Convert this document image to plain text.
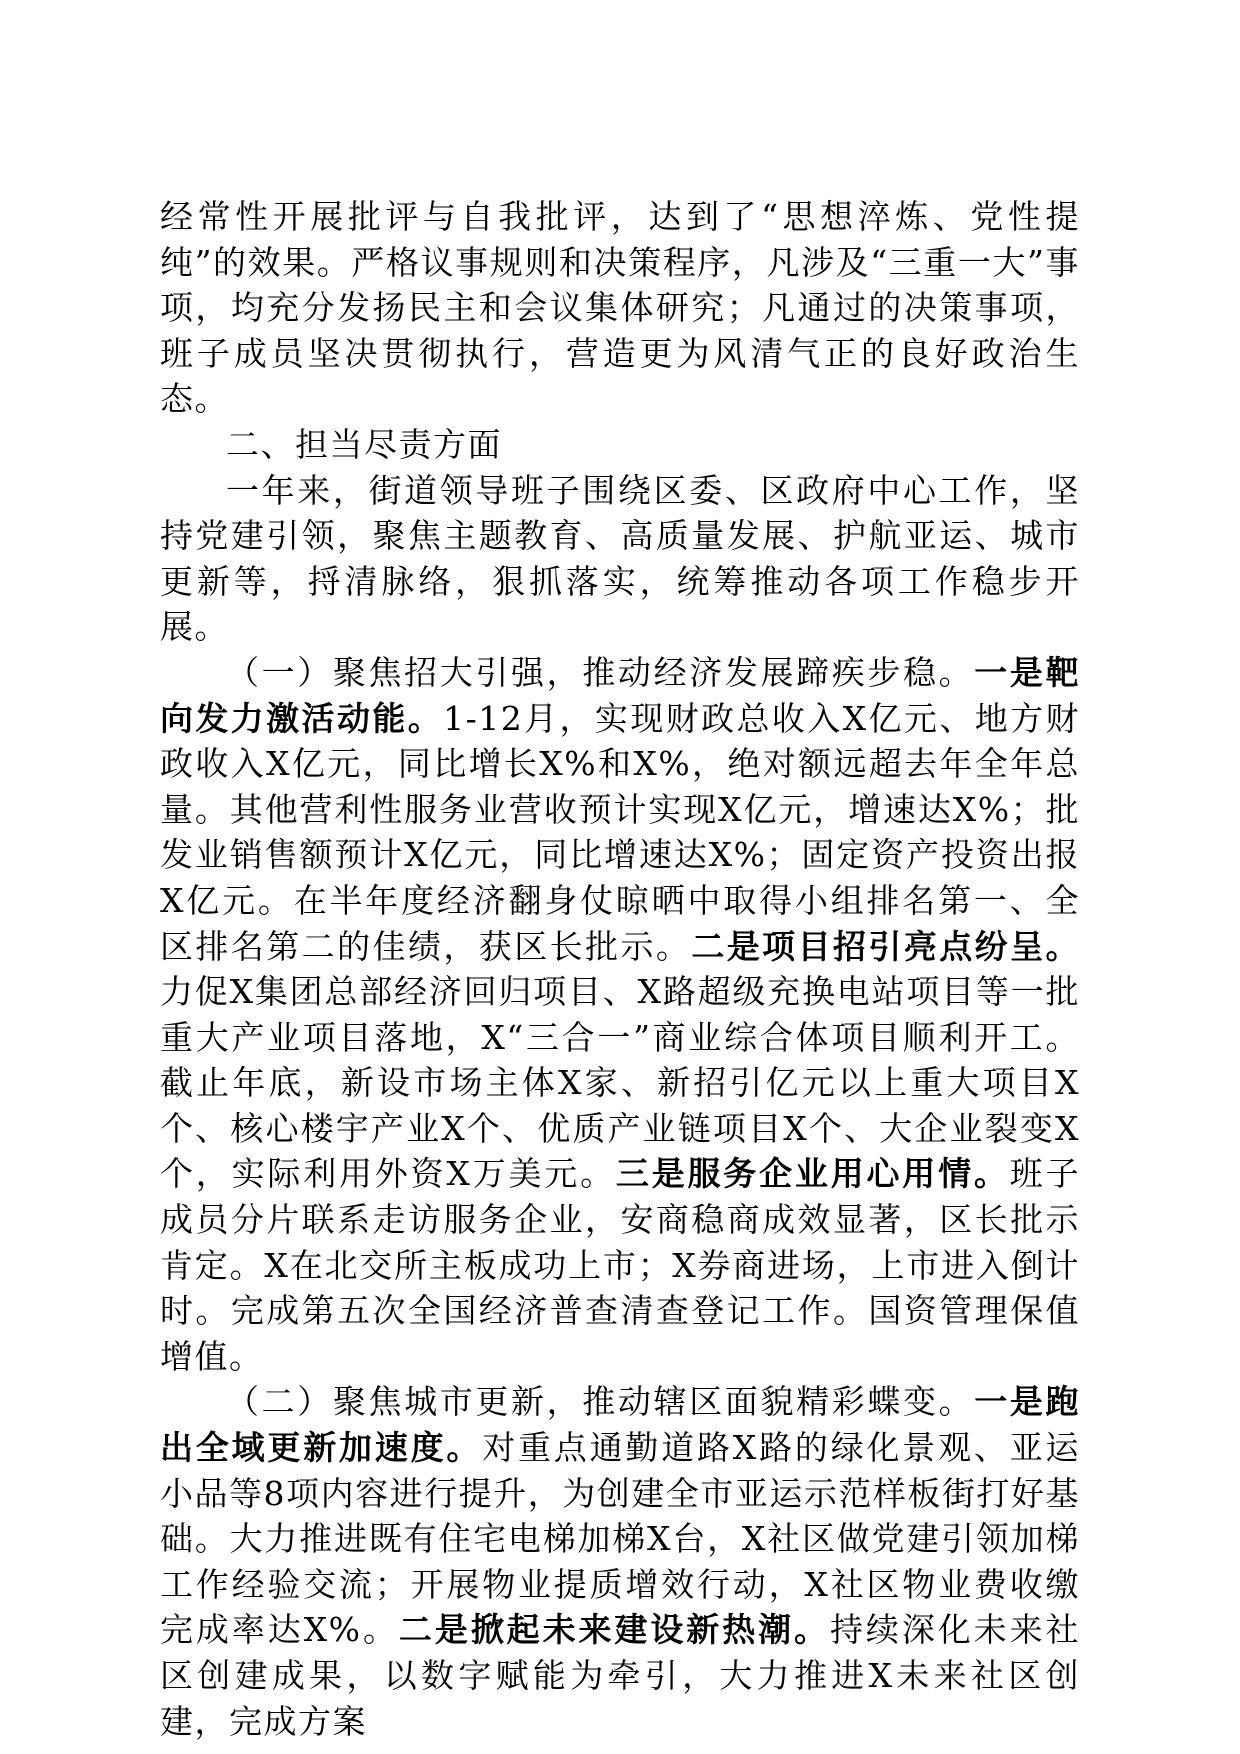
经常性开展批评与自我批评，达到了“思想淬炼、党性提纯”的效果。严格议事规则和决策程序，凡涉及“三重一大”事项，均充分发扬民主和会议集体研究；凡通过的决策事项，班子成员坚决贯彻执行，营造更为风清气正的良好政治生态。

二、担当尽责方面

一年来，街道领导班子围绕区委、区政府中心工作，坚持党建引领，聚焦主题教育、高质量发展、护航亚运、城市更新等，捋清脉络，狠抓落实，统筹推动各项工作稳步开展。

（一）聚焦招大引强，推动经济发展蹄疾步稳。一是靶向发力激活动能。1-12月，实现财政总收入X亿元、地方财政收入X亿元，同比增长X%和X%，绝对额远超去年全年总量。其他营利性服务业营收预计实现X亿元，增速达X%；批发业销售额预计X亿元，同比增速达X%；固定资产投资出报X亿元。在半年度经济翻身仗晾晒中取得小组排名第一、全区排名第二的佳绩，获区长批示。二是项目招引亮点纷呈。力促X集团总部经济回归项目、X路超级充换电站项目等一批重大产业项目落地，X“三合一”商业综合体项目顺利开工。截止年底，新设市场主体X家、新招引亿元以上重大项目X个、核心楼宇产业X个、优质产业链项目X个、大企业裂变X个，实际利用外资X万美元。三是服务企业用心用情。班子成员分片联系走访服务企业，安商稳商成效显著，区长批示肯定。X在北交所主板成功上市；X券商进场，上市进入倒计时。完成第五次全国经济普查清查登记工作。国资管理保值增值。

（二）聚焦城市更新，推动辖区面貌精彩蝶变。一是跑出全域更新加速度。对重点通勤道路X路的绿化景观、亚运小品等8项内容进行提升，为创建全市亚运示范样板街打好基础。大力推进既有住宅电梯加梯X台，X社区做党建引领加梯工作经验交流；开展物业提质增效行动，X社区物业费收缴完成率达X%。二是掀起未来建设新热潮。持续深化未来社区创建成果，以数字赋能为牵引，大力推进X未来社区创建，完成方案
